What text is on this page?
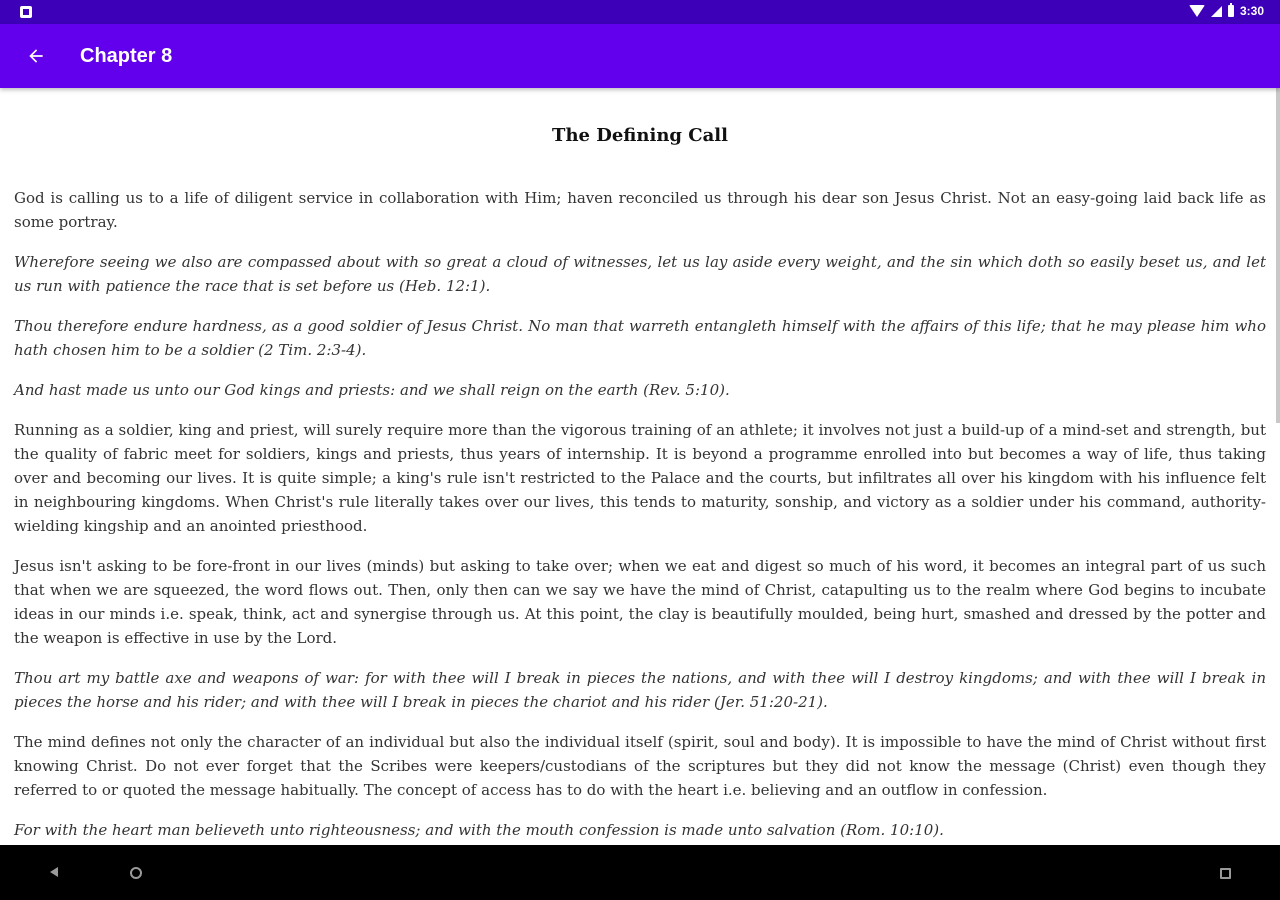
3:30
Chapter 8
The Defining Call

God is calling us to a life of diligent service in collaboration with Him; haven reconciled us through his dear son Jesus Christ. Not an easy-going laid back life as some portray.

Wherefore seeing we also are compassed about with so great a cloud of witnesses, let us lay aside every weight, and the sin which doth so easily beset us, and let us run with patience the race that is set before us (Heb. 12:1).

Thou therefore endure hardness, as a good soldier of Jesus Christ. No man that warreth entangleth himself with the affairs of this life; that he may please him who hath chosen him to be a soldier (2 Tim. 2:3-4).

And hast made us unto our God kings and priests: and we shall reign on the earth (Rev. 5:10).

Running as a soldier, king and priest, will surely require more than the vigorous training of an athlete; it involves not just a build-up of a mind-set and strength, but the quality of fabric meet for soldiers, kings and priests, thus years of internship. It is beyond a programme enrolled into but becomes a way of life, thus taking over and becoming our lives. It is quite simple; a king's rule isn't restricted to the Palace and the courts, but infiltrates all over his kingdom with his influence felt in neighbouring kingdoms. When Christ's rule literally takes over our lives, this tends to maturity, sonship, and victory as a soldier under his command, authority-wielding kingship and an anointed priesthood.

Jesus isn't asking to be fore-front in our lives (minds) but asking to take over; when we eat and digest so much of his word, it becomes an integral part of us such that when we are squeezed, the word flows out. Then, only then can we say we have the mind of Christ, catapulting us to the realm where God begins to incubate ideas in our minds i.e. speak, think, act and synergise through us. At this point, the clay is beautifully moulded, being hurt, smashed and dressed by the potter and the weapon is effective in use by the Lord.

Thou art my battle axe and weapons of war: for with thee will I break in pieces the nations, and with thee will I destroy kingdoms; and with thee will I break in pieces the horse and his rider; and with thee will I break in pieces the chariot and his rider (Jer. 51:20-21).

The mind defines not only the character of an individual but also the individual itself (spirit, soul and body). It is impossible to have the mind of Christ without first knowing Christ. Do not ever forget that the Scribes were keepers/custodians of the scriptures but they did not know the message (Christ) even though they referred to or quoted the message habitually. The concept of access has to do with the heart i.e. believing and an outflow in confession.

For with the heart man believeth unto righteousness; and with the mouth confession is made unto salvation (Rom. 10:10).
